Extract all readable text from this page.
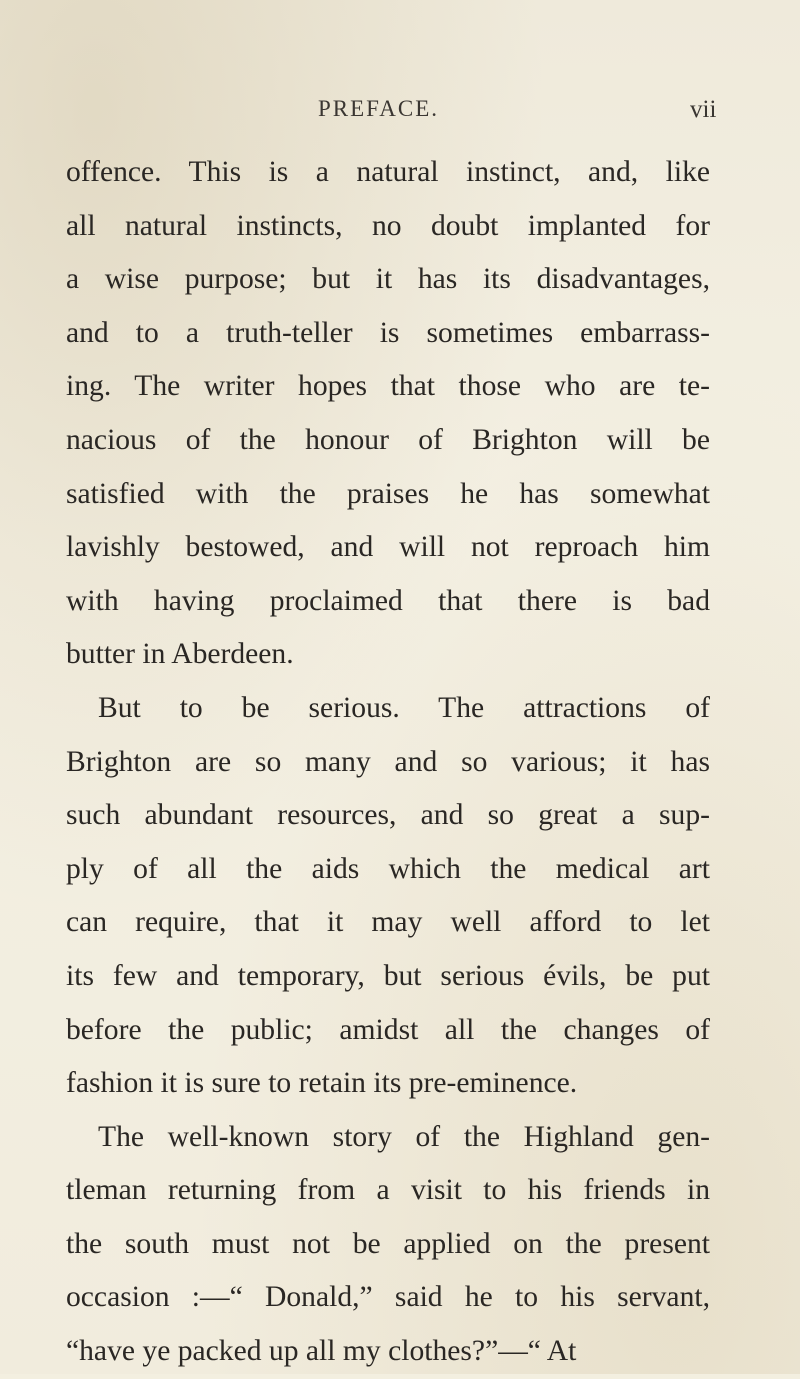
PREFACE.	vii
offence. This is a natural instinct, and, like
all natural instincts, no doubt implanted for
a wise purpose; but it has its disadvantages,
and to a truth-teller is sometimes embarrass-
ing. The writer hopes that those who are te-
nacious of the honour of Brighton will be
satisfied with the praises he has somewhat
lavishly bestowed, and will not reproach him
with having proclaimed that there is bad
butter in Aberdeen.
But to be serious. The attractions of
Brighton are so many and so various; it has
such abundant resources, and so great a sup-
ply of all the aids which the medical art
can require, that it may well afford to let
its few and temporary, but serious évils, be put
before the public; amidst all the changes of
fashion it is sure to retain its pre-eminence.
The well-known story of the Highland gen-
tleman returning from a visit to his friends in
the south must not be applied on the present
occasion :—“ Donald,” said he to his servant,
“have ye packed up all my clothes?”—“ At
